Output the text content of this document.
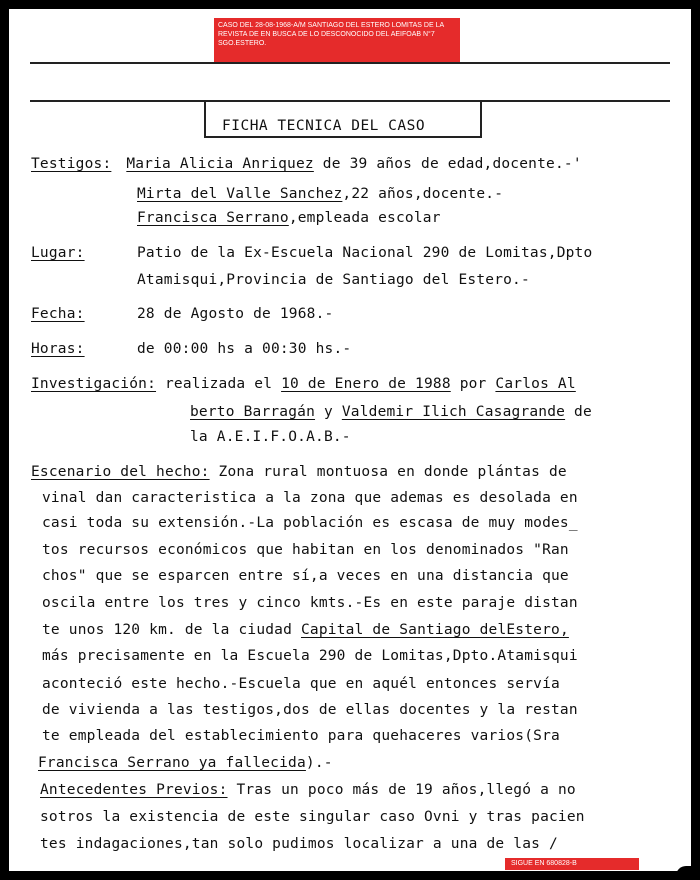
CASO DEL 28-08-1968-A/M SANTIAGO DEL ESTERO LOMITAS DE LA REVISTA DE EN BUSCA DE LO DESCONOCIDO DEL AEIFOAB N°7 SGO.ESTERO.
FICHA TECNICA DEL CASO
Testigos: Maria Alicia Anriquez de 39 años de edad,docente.-'
Mirta del Valle Sanchez,22 años,docente.-
Francisca Serrano,empleada escolar
Lugar:	Patio de la Ex-Escuela Nacional 290 de Lomitas,Dpto
Atamisqui,Provincia de Santiago del Estero.-
Fecha:	28 de Agosto de 1968.-
Horas:	de 00:00 hs a 00:30 hs.-
Investigación: realizada el 10 de Enero de 1988 por Carlos Al
berto Barragán y Valdemir Ilich Casagrande de
la A.E.I.F.O.A.B.-
Escenario del hecho: Zona rural montuosa en donde plántas de
vinal dan caracteristica a la zona que ademas es desolada en
casi toda su extensión.-La población es escasa de muy modes_
tos recursos económicos que habitan en los denominados "Ran
chos" que se esparcen entre sí,a veces en una distancia que
oscila entre los tres y cinco kmts.-Es en este paraje distan
te unos 120 km. de la ciudad Capital de Santiago delEstero,
más precisamente en la Escuela 290 de Lomitas,Dpto.Atamisqui
aconteció este hecho.-Escuela que en aquél entonces servía
de vivienda a las testigos,dos de ellas docentes y la restan
te empleada del establecimiento para quehaceres varios(Sra
Francisca Serrano ya fallecida).-
Antecedentes Previos: Tras un poco más de 19 años,llegó a no
sotros la existencia de este singular caso Ovni y tras pacien
tes indagaciones,tan solo pudimos localizar a una de las /
SIGUE EN 680828-B
